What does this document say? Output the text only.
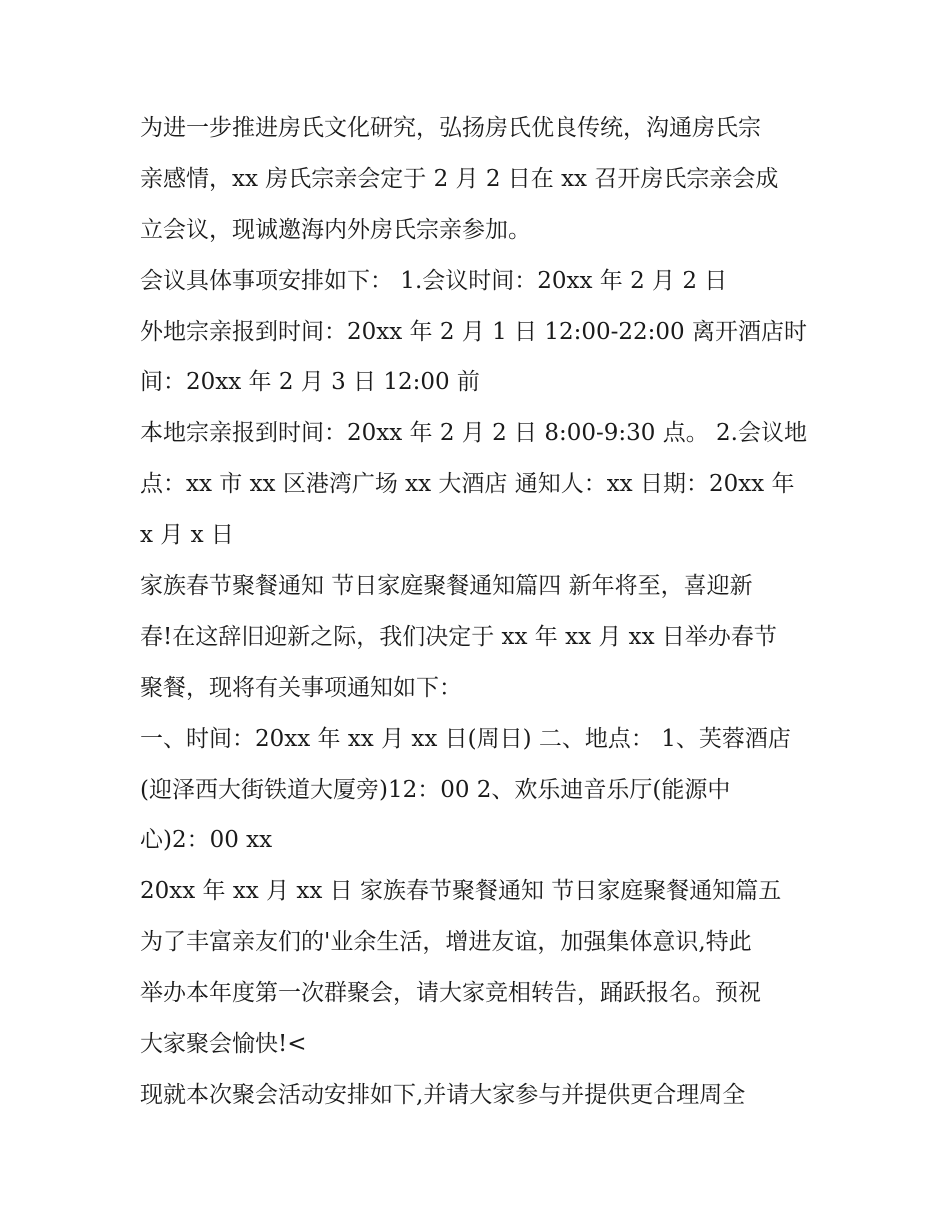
为进一步推进房氏文化研究，弘扬房氏优良传统，沟通房氏宗
亲感情，xx 房氏宗亲会定于 2 月 2 日在 xx 召开房氏宗亲会成
立会议，现诚邀海内外房氏宗亲参加。
会议具体事项安排如下： 1.会议时间：20xx 年 2 月 2 日
外地宗亲报到时间：20xx 年 2 月 1 日 12:00-22:00 离开酒店时
间：20xx 年 2 月 3 日 12:00 前
本地宗亲报到时间：20xx 年 2 月 2 日 8:00-9:30 点。 2.会议地
点：xx 市 xx 区港湾广场 xx 大酒店 通知人：xx 日期：20xx 年
x 月 x 日
家族春节聚餐通知 节日家庭聚餐通知篇四 新年将至，喜迎新
春!在这辞旧迎新之际，我们决定于 xx 年 xx 月 xx 日举办春节
聚餐，现将有关事项通知如下：
一、时间：20xx 年 xx 月 xx 日(周日) 二、地点： 1、芙蓉酒店
(迎泽西大街铁道大厦旁)12：00 2、欢乐迪音乐厅(能源中
心)2：00 xx
20xx 年 xx 月 xx 日 家族春节聚餐通知 节日家庭聚餐通知篇五
为了丰富亲友们的'业余生活，增进友谊，加强集体意识,特此
举办本年度第一次群聚会，请大家竞相转告，踊跃报名。预祝
大家聚会愉快!<
现就本次聚会活动安排如下,并请大家参与并提供更合理周全
